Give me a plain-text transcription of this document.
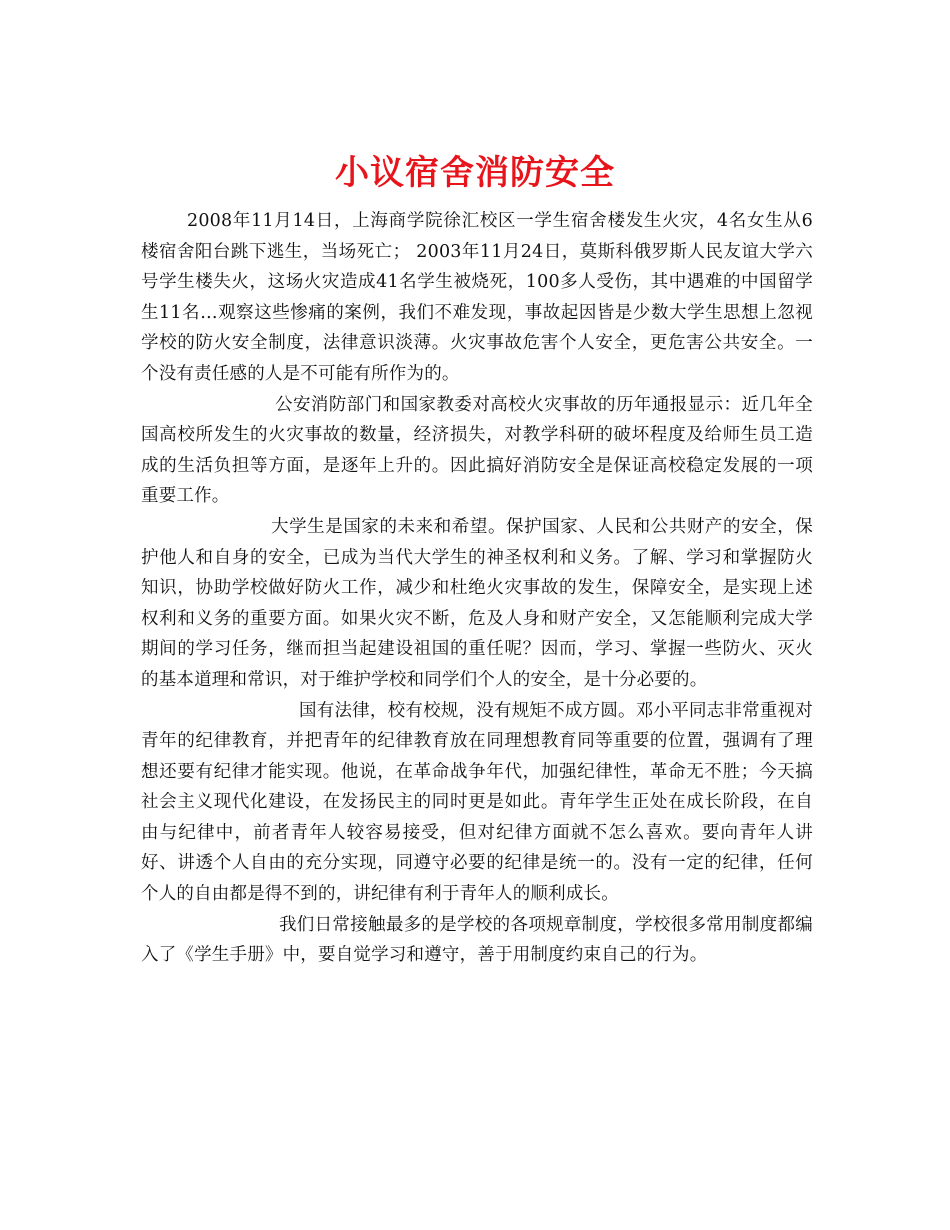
小议宿舍消防安全

2008年11月14日，上海商学院徐汇校区一学生宿舍楼发生火灾，4名女生从6楼宿舍阳台跳下逃生，当场死亡； 2003年11月24日，莫斯科俄罗斯人民友谊大学六号学生楼失火，这场火灾造成41名学生被烧死，100多人受伤，其中遇难的中国留学生11名…观察这些惨痛的案例，我们不难发现，事故起因皆是少数大学生思想上忽视学校的防火安全制度，法律意识淡薄。火灾事故危害个人安全，更危害公共安全。一个没有责任感的人是不可能有所作为的。

公安消防部门和国家教委对高校火灾事故的历年通报显示：近几年全国高校所发生的火灾事故的数量，经济损失，对教学科研的破坏程度及给师生员工造成的生活负担等方面，是逐年上升的。因此搞好消防安全是保证高校稳定发展的一项重要工作。

大学生是国家的未来和希望。保护国家、人民和公共财产的安全，保护他人和自身的安全，已成为当代大学生的神圣权利和义务。了解、学习和掌握防火知识，协助学校做好防火工作，减少和杜绝火灾事故的发生，保障安全，是实现上述权利和义务的重要方面。如果火灾不断，危及人身和财产安全，又怎能顺利完成大学期间的学习任务，继而担当起建设祖国的重任呢？因而，学习、掌握一些防火、灭火的基本道理和常识，对于维护学校和同学们个人的安全，是十分必要的。

国有法律，校有校规，没有规矩不成方圆。邓小平同志非常重视对青年的纪律教育，并把青年的纪律教育放在同理想教育同等重要的位置，强调有了理想还要有纪律才能实现。他说，在革命战争年代，加强纪律性，革命无不胜；今天搞社会主义现代化建设，在发扬民主的同时更是如此。青年学生正处在成长阶段，在自由与纪律中，前者青年人较容易接受，但对纪律方面就不怎么喜欢。要向青年人讲好、讲透个人自由的充分实现，同遵守必要的纪律是统一的。没有一定的纪律，任何个人的自由都是得不到的，讲纪律有利于青年人的顺利成长。

我们日常接触最多的是学校的各项规章制度，学校很多常用制度都编入了《学生手册》中，要自觉学习和遵守，善于用制度约束自己的行为。
